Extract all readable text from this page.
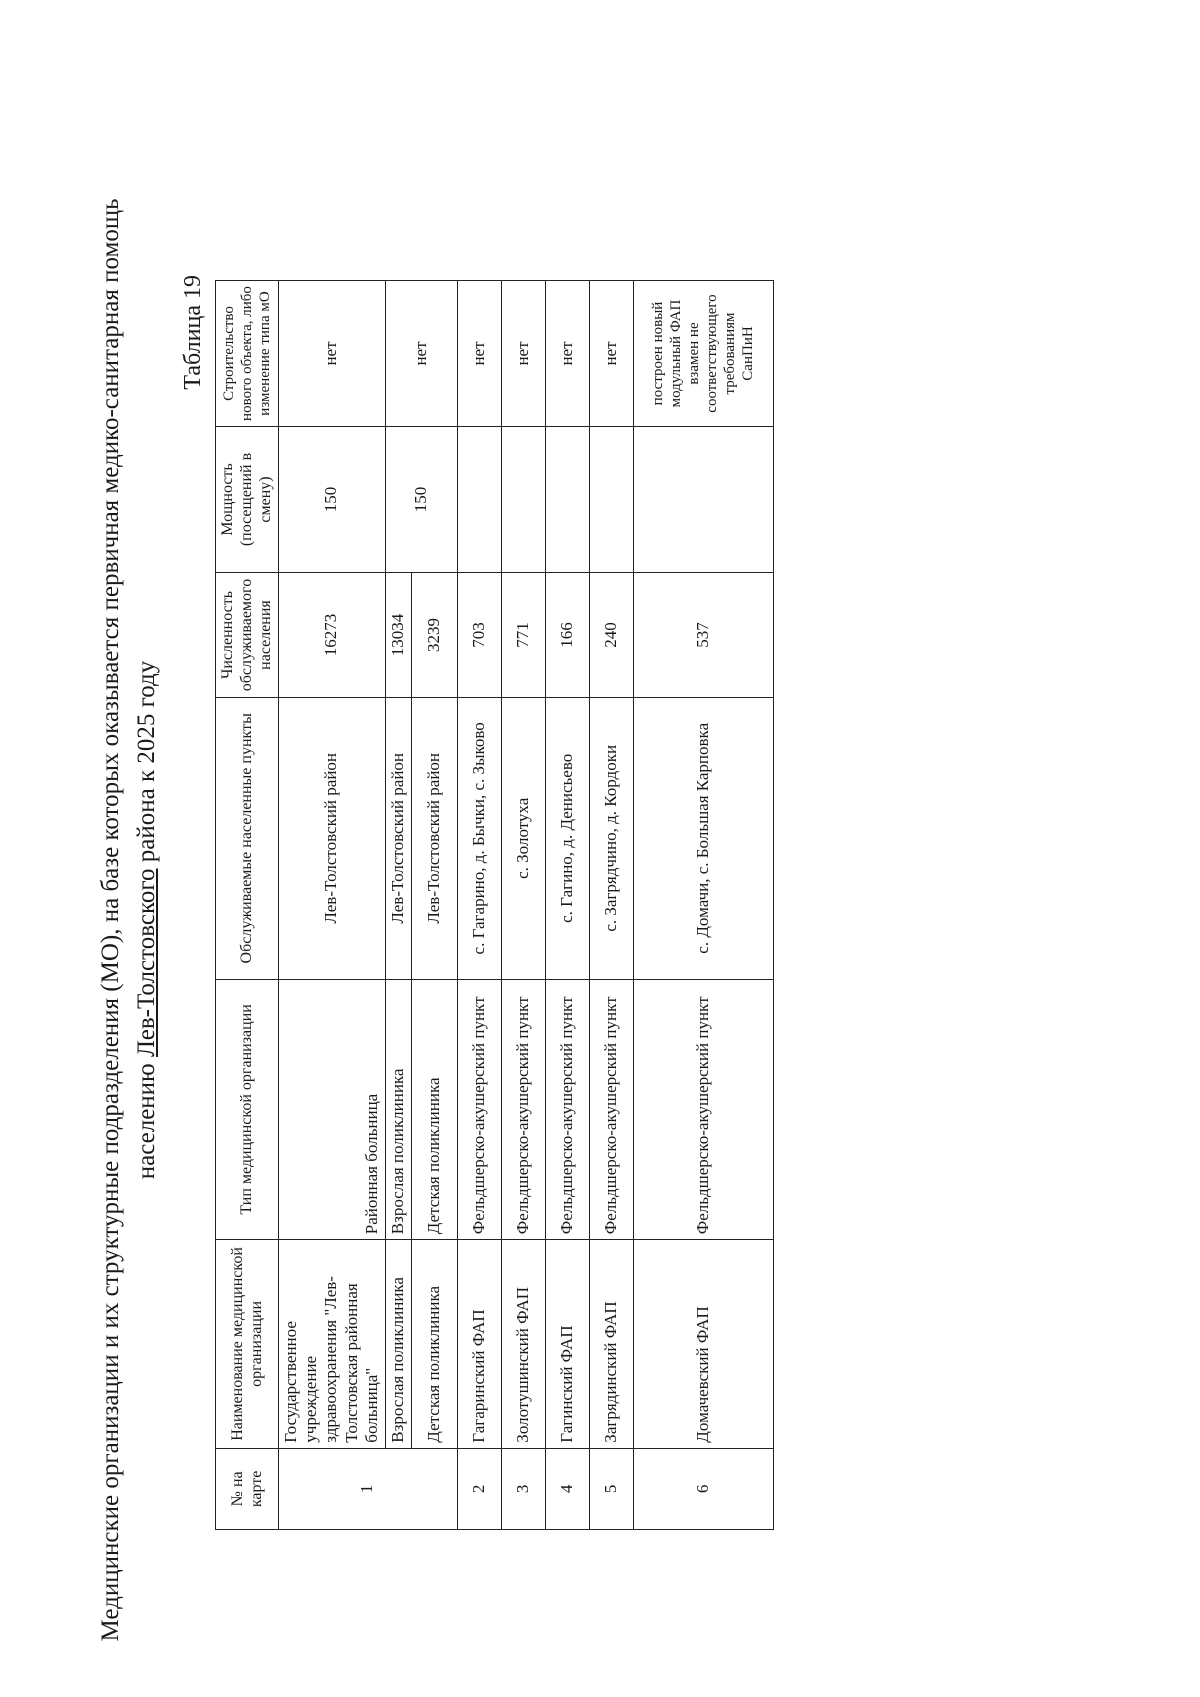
Медицинские организации и их структурные подразделения (МО), на базе которых оказывается первичная медико-санитарная помощь населению Лев-Толстовского района к 2025 году
Таблица 19
№ на карте	Наименование медицинской организации	Тип медицинской организации	Обслуживаемые населенные пункты	Численность обслуживаемого населения	Мощность (посещений в смену)	Строительство нового объекта, либо изменение типа мО
1	Государственное учреждение здравоохранения "Лев-Толстовская районная больница"	Районная больница	Лев-Толстовский район	16273	150	нет
	Взрослая поликлиника	Взрослая поликлиника	Лев-Толстовский район	13034	150	нет
	Детская поликлиника	Детская поликлиника	Лев-Толстовский район	3239		
2	Гагаринский ФАП	Фельдшерско-акушерский пункт	с. Гагарино, д. Бычки, с. Зыково	703		нет
3	Золотушинский ФАП	Фельдшерско-акушерский пункт	с. Золотуха	771		нет
4	Гагинский ФАП	Фельдшерско-акушерский пункт	с. Гагино, д. Денисьево	166		нет
5	Загрядинский ФАП	Фельдшерско-акушерский пункт	с. Загрядчино, д. Кордоки	240		нет
6	Домачевский ФАП	Фельдшерско-акушерский пункт	с. Домачи, с. Большая Карповка	537		построен новый модульный ФАП взамен не соответствующего требованиям СанПиН
